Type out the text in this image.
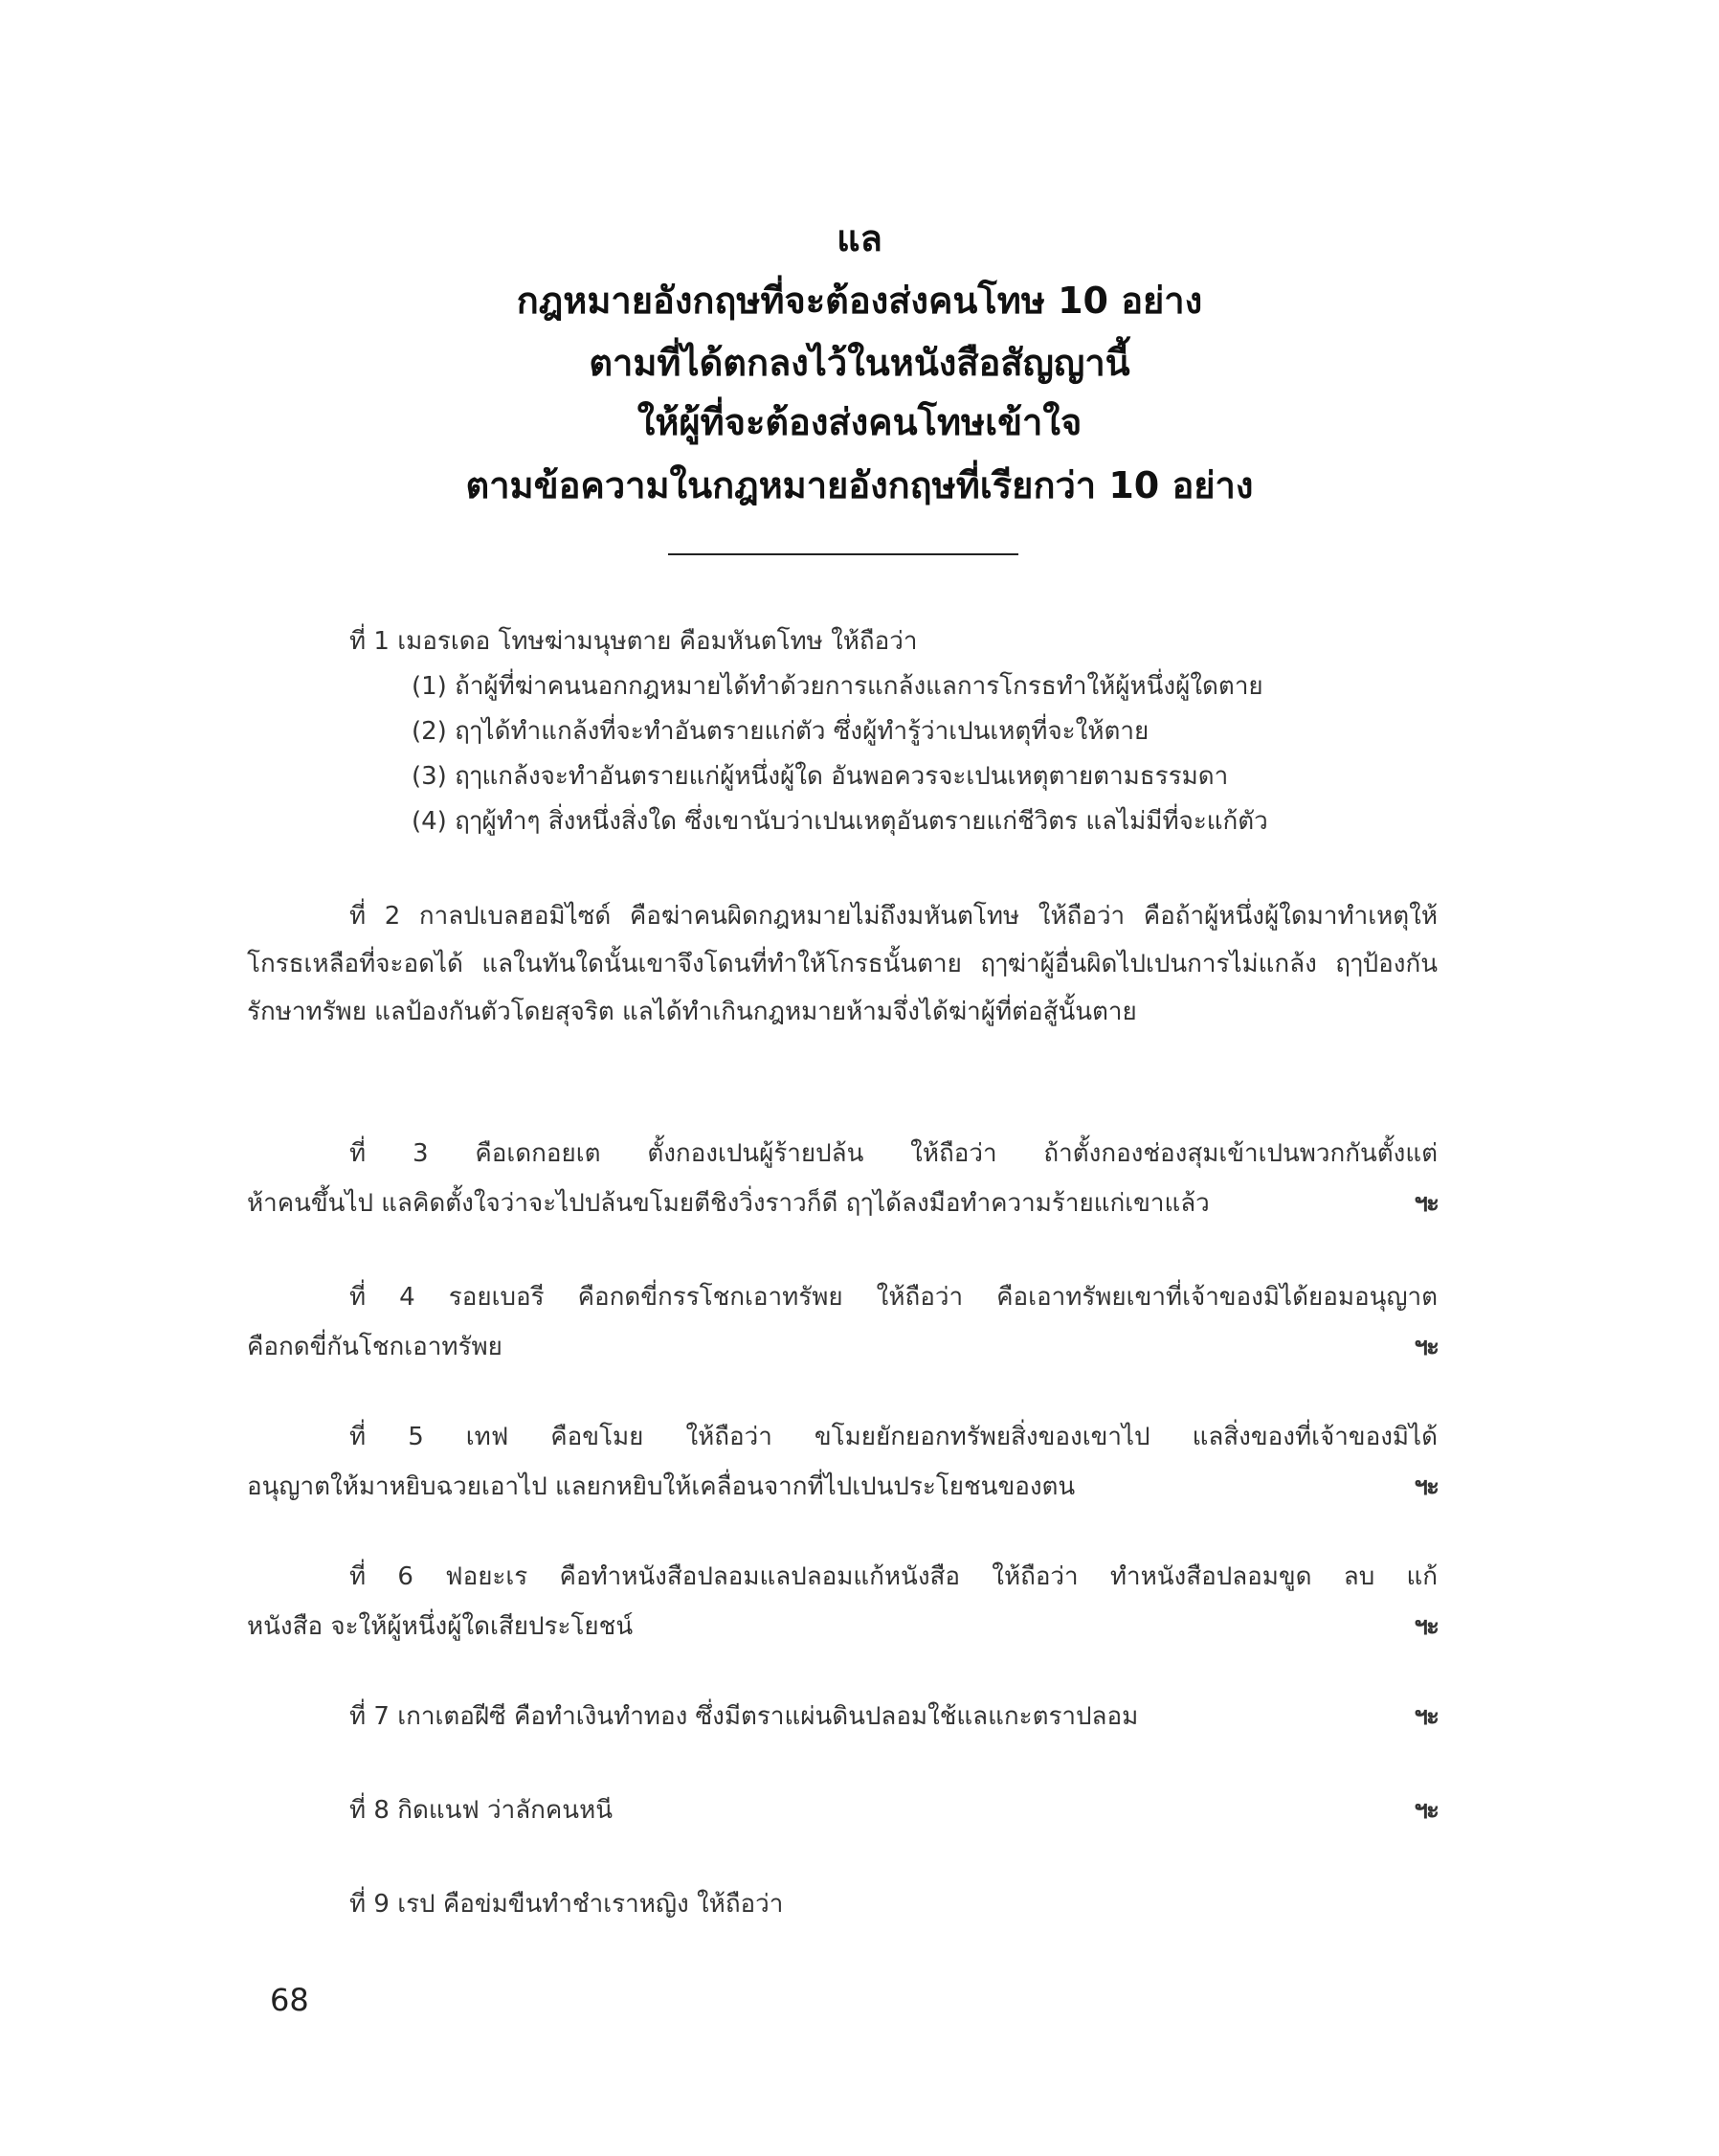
แล
กฎหมายอังกฤษที่จะต้องส่งคนโทษ 10 อย่าง
ตามที่ได้ตกลงไว้ในหนังสือสัญญานี้
ให้ผู้ที่จะต้องส่งคนโทษเข้าใจ
ตามข้อความในกฎหมายอังกฤษที่เรียกว่า 10 อย่าง
ที่ 1 เมอรเดอ โทษฆ่ามนุษตาย คือมหันตโทษ ให้ถือว่า
(1) ถ้าผู้ที่ฆ่าคนนอกกฎหมายได้ทำด้วยการแกล้งแลการโกรธทำให้ผู้หนึ่งผู้ใดตาย
(2) ฤๅได้ทำแกล้งที่จะทำอันตรายแก่ตัว ซึ่งผู้ทำรู้ว่าเปนเหตุที่จะให้ตาย
(3) ฤๅแกล้งจะทำอันตรายแก่ผู้หนึ่งผู้ใด อันพอควรจะเปนเหตุตายตามธรรมดา
(4) ฤๅผู้ทำๆ สิ่งหนึ่งสิ่งใด ซึ่งเขานับว่าเปนเหตุอันตรายแก่ชีวิตร แลไม่มีที่จะแก้ตัว
ที่ 2 กาลปเบลฮอมิไซด์ คือฆ่าคนผิดกฎหมายไม่ถึงมหันตโทษ ให้ถือว่า คือถ้าผู้หนึ่งผู้ใดมาทำเหตุให้โกรธเหลือที่จะอดได้ แลในทันใดนั้นเขาจึงโดนที่ทำให้โกรธนั้นตาย ฤๅฆ่าผู้อื่นผิดไปเปนการไม่แกล้ง ฤๅป้องกันรักษาทรัพย แลป้องกันตัวโดยสุจริต แลได้ทำเกินกฎหมายห้ามจึ่งได้ฆ่าผู้ที่ต่อสู้นั้นตาย
ที่ 3 คือเดกอยเต ตั้งกองเปนผู้ร้ายปล้น ให้ถือว่า ถ้าตั้งกองช่องสุมเข้าเปนพวกกันตั้งแต่
ห้าคนขึ้นไป แลคิดตั้งใจว่าจะไปปล้นขโมยตีชิงวิ่งราวก็ดี ฤๅได้ลงมือทำความร้ายแก่เขาแล้ว	ฯะ
ที่ 4 รอยเบอรี คือกดขี่กรรโชกเอาทรัพย ให้ถือว่า คือเอาทรัพยเขาที่เจ้าของมิได้ยอมอนุญาต
คือกดขี่กันโชกเอาทรัพย	ฯะ
ที่ 5 เทฟ คือขโมย ให้ถือว่า ขโมยยักยอกทรัพยสิ่งของเขาไป แลสิ่งของที่เจ้าของมิได้
อนุญาตให้มาหยิบฉวยเอาไป แลยกหยิบให้เคลื่อนจากที่ไปเปนประโยชนของตน	ฯะ
ที่ 6 ฟอยะเร คือทำหนังสือปลอมแลปลอมแก้หนังสือ ให้ถือว่า ทำหนังสือปลอมขูด ลบ แก้
หนังสือ จะให้ผู้หนึ่งผู้ใดเสียประโยชน์	ฯะ
ที่ 7 เกาเตอฝีซี คือทำเงินทำทอง ซึ่งมีตราแผ่นดินปลอมใช้แลแกะตราปลอม	ฯะ
ที่ 8 กิดแนฟ ว่าลักคนหนี	ฯะ
ที่ 9 เรป คือข่มขืนทำชำเราหญิง ให้ถือว่า
68
